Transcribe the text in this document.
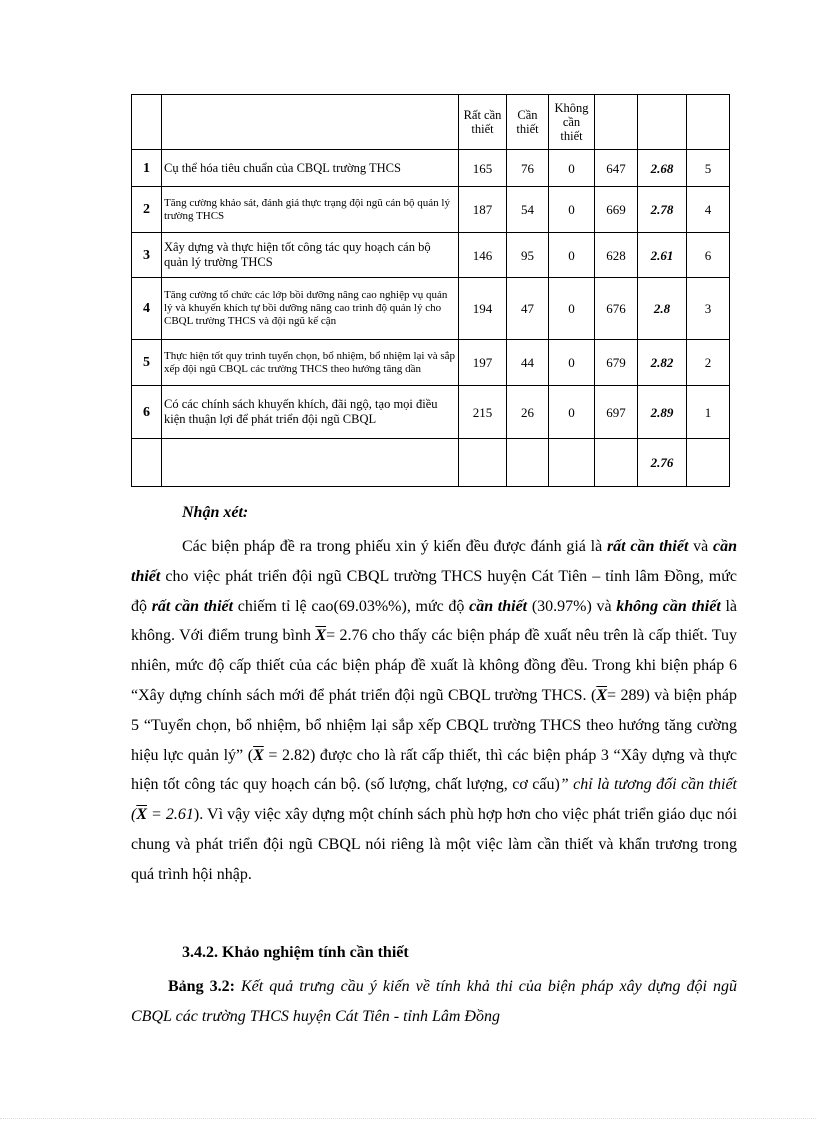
		Rất cần thiết	Cần thiết	Không cần thiết			
1	Cụ thể hóa tiêu chuẩn của CBQL trường THCS	165	76	0	647	2.68	5
2	Tăng cường khảo sát, đánh giá thực trạng đội ngũ cán bộ quản lý trường THCS	187	54	0	669	2.78	4
3	Xây dựng và thực hiện tốt công tác quy hoạch cán bộ quản lý trường THCS	146	95	0	628	2.61	6
4	Tăng cường tổ chức các lớp bồi dưỡng nâng cao nghiệp vụ quản lý và khuyến khích tự bồi dưỡng nâng cao trình độ quản lý cho CBQL trường THCS và đội ngũ kế cận	194	47	0	676	2.8	3
5	Thực hiện tốt quy trình tuyển chọn, bổ nhiệm, bổ nhiệm lại và sắp xếp đội ngũ CBQL các trường THCS theo hướng tăng dần	197	44	0	679	2.82	2
6	Có các chính sách khuyến khích, đãi ngộ, tạo mọi điều kiện thuận lợi để phát triển đội ngũ CBQL	215	26	0	697	2.89	1
						2.76	
Nhận xét:
Các biện pháp đề ra trong phiếu xin ý kiến đều được đánh giá là rất cần thiết và cần thiết cho việc phát triển đội ngũ CBQL trường THCS huyện Cát Tiên – tỉnh lâm Đồng, mức độ rất cần thiết chiếm tỉ lệ cao(69.03%%), mức độ cần thiết (30.97%) và không cần thiết là không. Với điểm trung bình $\overline{X}= 2.76$ cho thấy các biện pháp đề xuất nêu trên là cấp thiết. Tuy nhiên, mức độ cấp thiết của các biện pháp đề xuất là không đồng đều. Trong khi biện pháp 6 “Xây dựng chính sách mới để phát triển đội ngũ CBQL trường THCS. $(\overline{X}= 289)$ và biện pháp 5 “Tuyển chọn, bổ nhiệm, bổ nhiệm lại sắp xếp CBQL trường THCS theo hướng tăng cường hiệu lực quản lý” $(\overline{X} = 2.82)$ được cho là rất cấp thiết, thì các biện pháp 3 “Xây dựng và thực hiện tốt công tác quy hoạch cán bộ. (số lượng, chất lượng, cơ cấu)” chỉ là tương đối cần thiết $(\overline{X} = 2.61)$. Vì vậy việc xây dựng một chính sách phù hợp hơn cho việc phát triển giáo dục nói chung và phát triển đội ngũ CBQL nói riêng là một việc làm cần thiết và khẩn trương trong quá trình hội nhập.
3.4.2. Khảo nghiệm tính cần thiết
Bảng 3.2: Kết quả trưng cầu ý kiến về tính khả thi của biện pháp xây dựng đội ngũ CBQL các trường THCS huyện Cát Tiên - tỉnh Lâm Đồng
